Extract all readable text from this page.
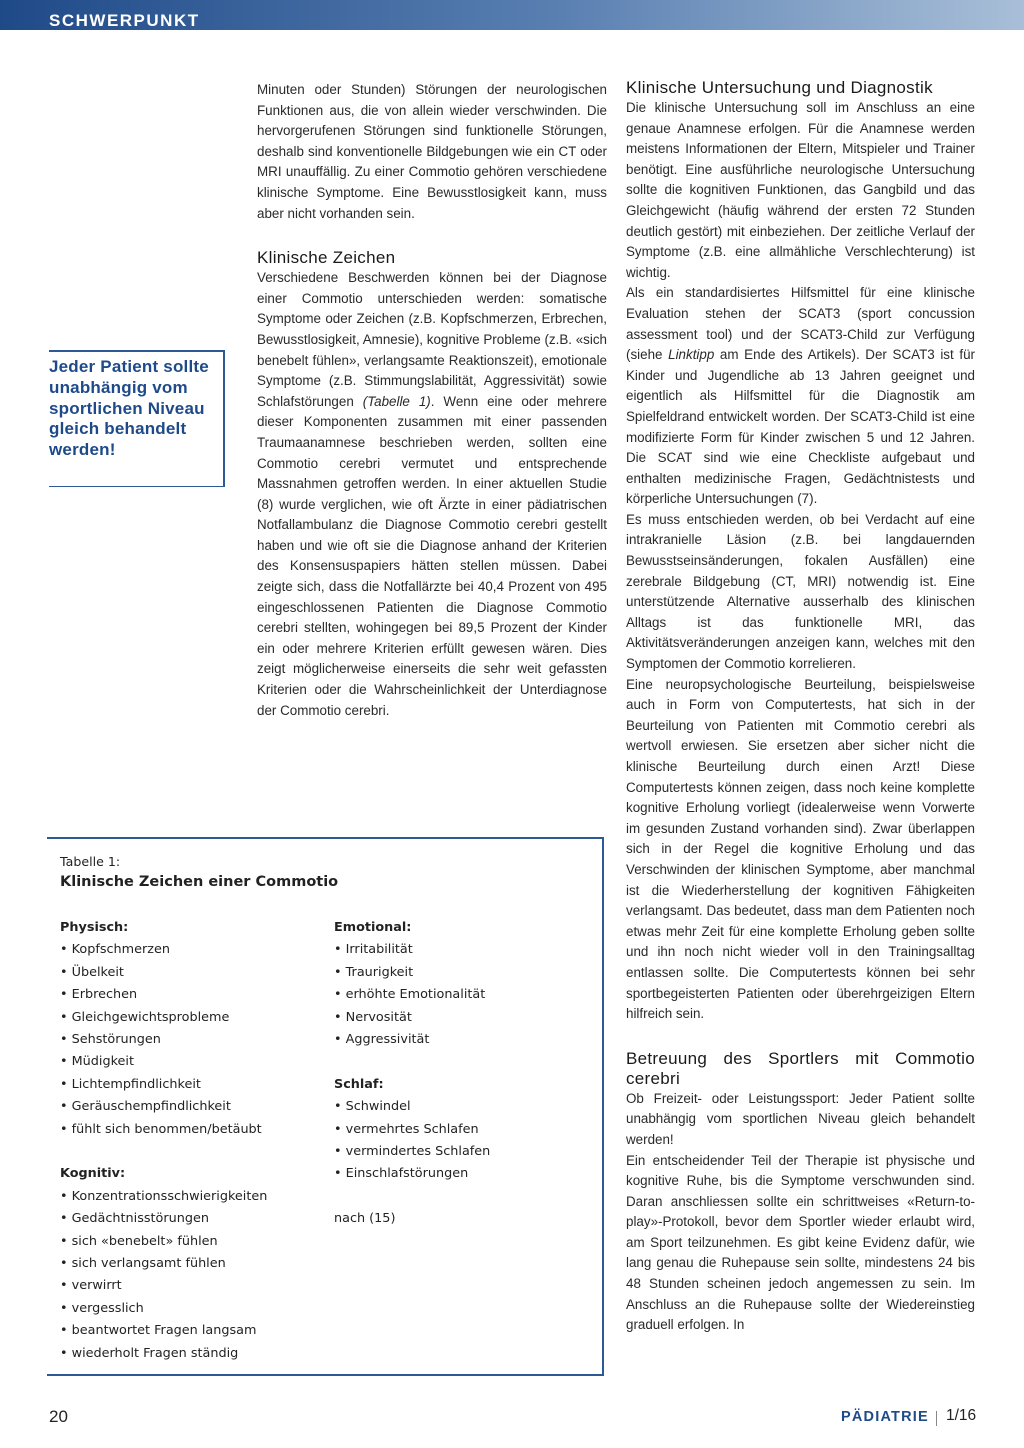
SCHWERPUNKT

Minuten oder Stunden) Störungen der neurologischen Funktionen aus, die von allein wieder verschwinden. Die hervorgerufenen Störungen sind funktionelle Störungen, deshalb sind konventionelle Bildgebungen wie ein CT oder MRI unauffällig. Zu einer Commotio gehören verschiedene klinische Symptome. Eine Bewusstlosigkeit kann, muss aber nicht vorhanden sein.

Klinische Zeichen

Verschiedene Beschwerden können bei der Diagnose einer Commotio unterschieden werden: somatische Symptome oder Zeichen (z.B. Kopfschmerzen, Erbrechen, Bewusstlosigkeit, Amnesie), kognitive Probleme (z.B. «sich benebelt fühlen», verlangsamte Reaktionszeit), emotionale Symptome (z.B. Stimmungslabilität, Aggressivität) sowie Schlafstörungen (Tabelle 1). Wenn eine oder mehrere dieser Komponenten zusammen mit einer passenden Traumaanamnese beschrieben werden, sollten eine Commotio cerebri vermutet und entsprechende Massnahmen getroffen werden. In einer aktuellen Studie (8) wurde verglichen, wie oft Ärzte in einer pädiatrischen Notfallambulanz die Diagnose Commotio cerebri gestellt haben und wie oft sie die Diagnose anhand der Kriterien des Konsensuspapiers hätten stellen müssen. Dabei zeigte sich, dass die Notfallärzte bei 40,4 Prozent von 495 eingeschlossenen Patienten die Diagnose Commotio cerebri stellten, wohingegen bei 89,5 Prozent der Kinder ein oder mehrere Kriterien erfüllt gewesen wären. Dies zeigt möglicherweise einerseits die sehr weit gefassten Kriterien oder die Wahrscheinlichkeit der Unterdiagnose der Commotio cerebri.

Jeder Patient sollte unabhängig vom sportlichen Niveau gleich behandelt werden!
Tabelle 1:
Klinische Zeichen einer Commotio
Physisch:
• Kopfschmerzen
• Übelkeit
• Erbrechen
• Gleichgewichtsprobleme
• Sehstörungen
• Müdigkeit
• Lichtempfindlichkeit
• Geräuschempfindlichkeit
• fühlt sich benommen/betäubt
Kognitiv:
• Konzentrationsschwierigkeiten
• Gedächtnisstörungen
• sich «benebelt» fühlen
• sich verlangsamt fühlen
• verwirrt
• vergesslich
• beantwortet Fragen langsam
• wiederholt Fragen ständig
Emotional:
• Irritabilität
• Traurigkeit
• erhöhte Emotionalität
• Nervosität
• Aggressivität
Schlaf:
• Schwindel
• vermehrtes Schlafen
• vermindertes Schlafen
• Einschlafstörungen
nach (15)
Klinische Untersuchung und Diagnostik

Die klinische Untersuchung soll im Anschluss an eine genaue Anamnese erfolgen. Für die Anamnese werden meistens Informationen der Eltern, Mitspieler und Trainer benötigt. Eine ausführliche neurologische Untersuchung sollte die kognitiven Funktionen, das Gangbild und das Gleichgewicht (häufig während der ersten 72 Stunden deutlich gestört) mit einbeziehen. Der zeitliche Verlauf der Symptome (z.B. eine allmähliche Verschlechterung) ist wichtig.

Als ein standardisiertes Hilfsmittel für eine klinische Evaluation stehen der SCAT3 (sport concussion assessment tool) und der SCAT3-Child zur Verfügung (siehe Linktipp am Ende des Artikels). Der SCAT3 ist für Kinder und Jugendliche ab 13 Jahren geeignet und eigentlich als Hilfsmittel für die Diagnostik am Spielfeldrand entwickelt worden. Der SCAT3-Child ist eine modifizierte Form für Kinder zwischen 5 und 12 Jahren. Die SCAT sind wie eine Checkliste aufgebaut und enthalten medizinische Fragen, Gedächtnistests und körperliche Untersuchungen (7).

Es muss entschieden werden, ob bei Verdacht auf eine intrakranielle Läsion (z.B. bei langdauernden Bewusstseinsänderungen, fokalen Ausfällen) eine zerebrale Bildgebung (CT, MRI) notwendig ist. Eine unterstützende Alternative ausserhalb des klinischen Alltags ist das funktionelle MRI, das Aktivitätsveränderungen anzeigen kann, welches mit den Symptomen der Commotio korrelieren.

Eine neuropsychologische Beurteilung, beispielsweise auch in Form von Computertests, hat sich in der Beurteilung von Patienten mit Commotio cerebri als wertvoll erwiesen. Sie ersetzen aber sicher nicht die klinische Beurteilung durch einen Arzt! Diese Computertests können zeigen, dass noch keine komplette kognitive Erholung vorliegt (idealerweise wenn Vorwerte im gesunden Zustand vorhanden sind). Zwar überlappen sich in der Regel die kognitive Erholung und das Verschwinden der klinischen Symptome, aber manchmal ist die Wiederherstellung der kognitiven Fähigkeiten verlangsamt. Das bedeutet, dass man dem Patienten noch etwas mehr Zeit für eine komplette Erholung geben sollte und ihn noch nicht wieder voll in den Trainingsalltag entlassen sollte. Die Computertests können bei sehr sportbegeisterten Patienten oder überehrgeizigen Eltern hilfreich sein.

Betreuung des Sportlers mit Commotio cerebri

Ob Freizeit- oder Leistungssport: Jeder Patient sollte unabhängig vom sportlichen Niveau gleich behandelt werden!

Ein entscheidender Teil der Therapie ist physische und kognitive Ruhe, bis die Symptome verschwunden sind. Daran anschliessen sollte ein schrittweises «Return-to-play»-Protokoll, bevor dem Sportler wieder erlaubt wird, am Sport teilzunehmen. Es gibt keine Evidenz dafür, wie lang genau die Ruhepause sein sollte, mindestens 24 bis 48 Stunden scheinen jedoch angemessen zu sein. Im Anschluss an die Ruhepause sollte der Wiedereinstieg graduell erfolgen. In

20	PÄDIATRIE 1/16
